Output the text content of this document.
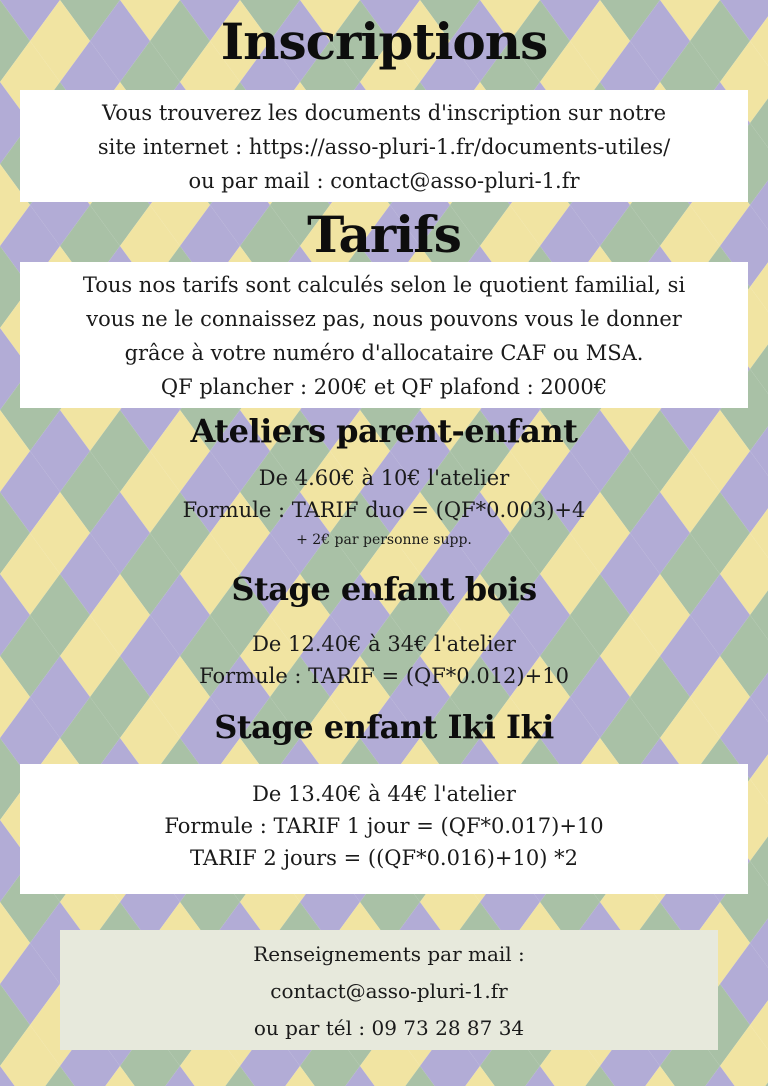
Inscriptions
Vous trouverez les documents d'inscription sur notre
site internet : https://asso-pluri-1.fr/documents-utiles/
ou par mail : contact@asso-pluri-1.fr
Tarifs
Tous nos tarifs sont calculés selon le quotient familial, si
vous ne le connaissez pas, nous pouvons vous le donner
grâce à votre numéro d'allocataire CAF ou MSA.
QF plancher : 200€ et QF plafond : 2000€
Ateliers parent-enfant
De 4.60€ à 10€ l'atelier
Formule : TARIF duo = (QF*0.003)+4
+ 2€ par personne supp.
Stage enfant bois
De 12.40€ à 34€ l'atelier
Formule : TARIF = (QF*0.012)+10
Stage enfant Iki Iki
De 13.40€ à 44€ l'atelier
Formule : TARIF 1 jour = (QF*0.017)+10
TARIF 2 jours = ((QF*0.016)+10) *2
Renseignements par mail :
contact@asso-pluri-1.fr
ou par tél : 09 73 28 87 34
